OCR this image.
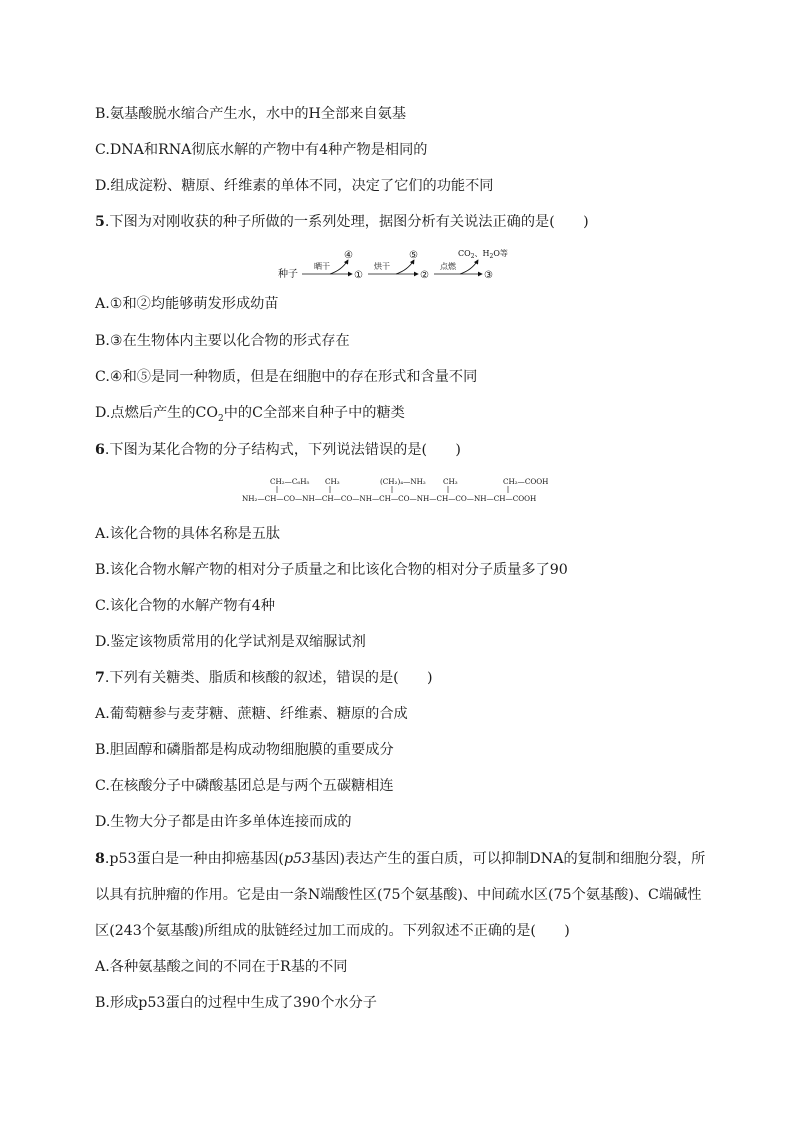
B.氨基酸脱水缩合产生水，水中的H全部来自氨基
C.DNA和RNA彻底水解的产物中有4种产物是相同的
D.组成淀粉、糖原、纤维素的单体不同，决定了它们的功能不同
5.下图为对刚收获的种子所做的一系列处理，据图分析有关说法正确的是(　　)
种子
晒干
④
①
烘干
⑤
②
点燃
$CO_2$、$H_2O$等
③
A.①和②均能够萌发形成幼苗
B.③在生物体内主要以化合物的形式存在
C.④和⑤是同一种物质，但是在细胞中的存在形式和含量不同
D.点燃后产生的$CO_2$中的C全部来自种子中的糖类
6.下图为某化合物的分子结构式，下列说法错误的是(　　)
CH₂—C₆H₅ CH₃	(CH₂)₄—NH₂ CH₃	CH₂—COOH
NH₂—CH—CO—NH—CH—CO—NH—CH—CO—NH—CH—CO—NH—CH—COOH
A.该化合物的具体名称是五肽
B.该化合物水解产物的相对分子质量之和比该化合物的相对分子质量多了90
C.该化合物的水解产物有4种
D.鉴定该物质常用的化学试剂是双缩脲试剂
7.下列有关糖类、脂质和核酸的叙述，错误的是(　　)
A.葡萄糖参与麦芽糖、蔗糖、纤维素、糖原的合成
B.胆固醇和磷脂都是构成动物细胞膜的重要成分
C.在核酸分子中磷酸基团总是与两个五碳糖相连
D.生物大分子都是由许多单体连接而成的
8.p53蛋白是一种由抑癌基因(p53基因)表达产生的蛋白质，可以抑制DNA的复制和细胞分裂，所
以具有抗肿瘤的作用。它是由一条N端酸性区(75个氨基酸)、中间疏水区(75个氨基酸)、C端碱性
区(243个氨基酸)所组成的肽链经过加工而成的。下列叙述不正确的是(　　)
A.各种氨基酸之间的不同在于R基的不同
B.形成p53蛋白的过程中生成了390个水分子
